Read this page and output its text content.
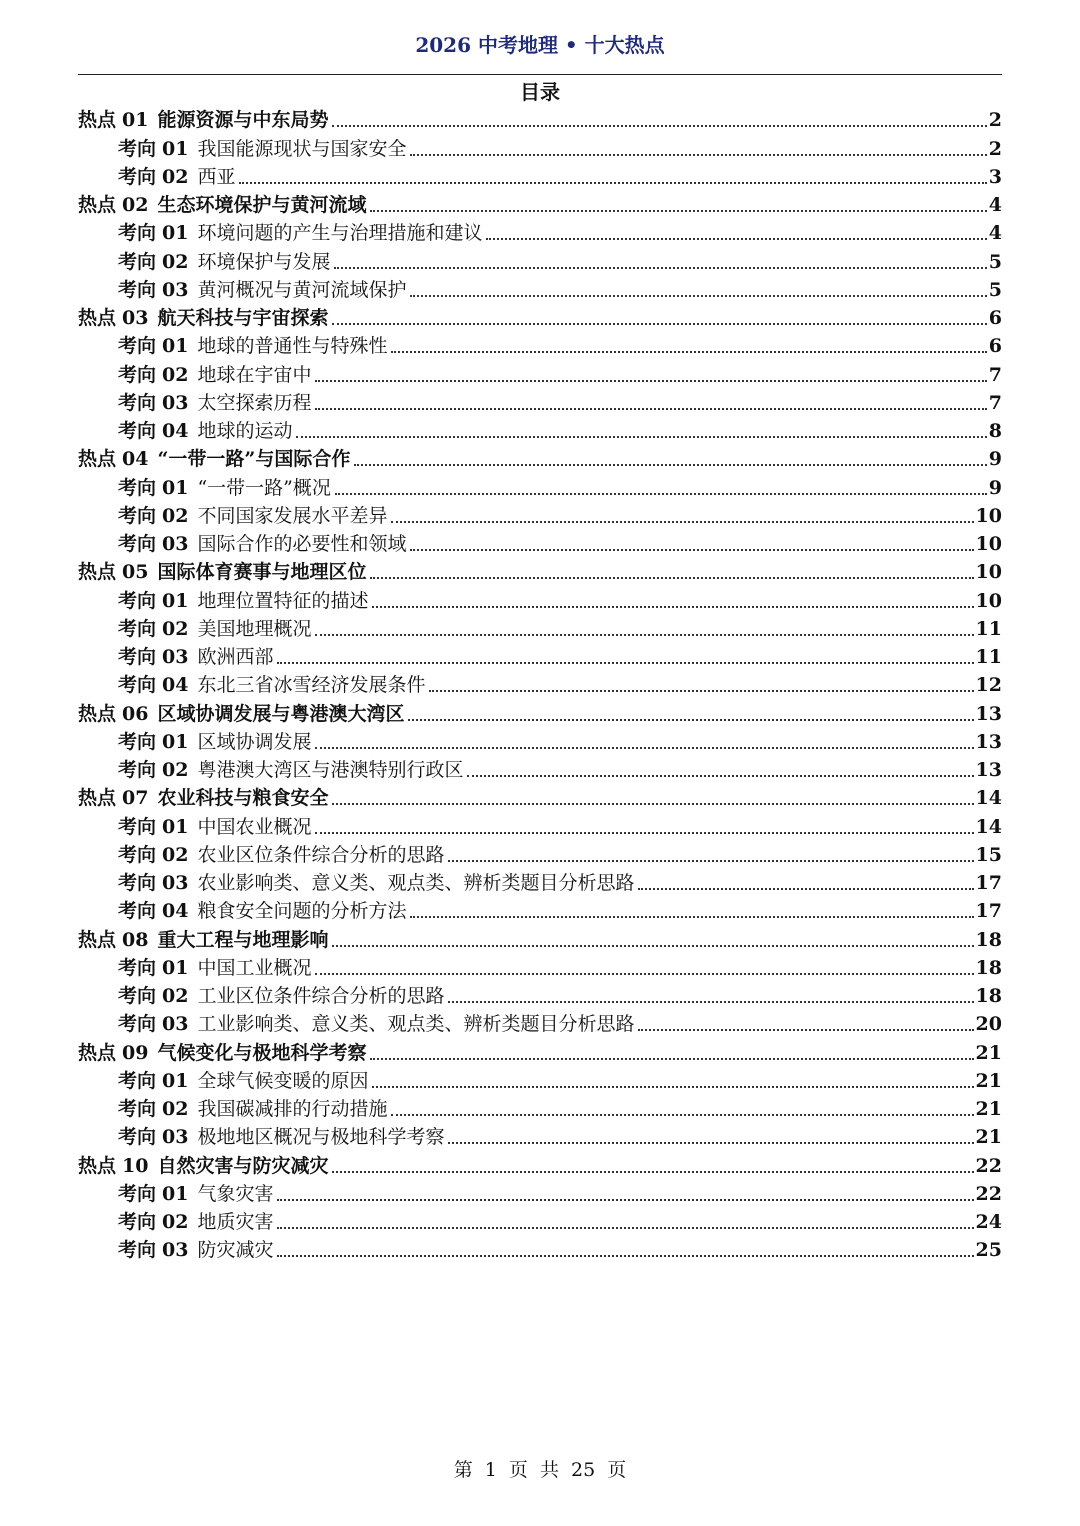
2026 中考地理 • 十大热点
目录
热点 01 能源资源与中东局势	2
考向 01 我国能源现状与国家安全	2
考向 02 西亚	3
热点 02 生态环境保护与黄河流域	4
考向 01 环境问题的产生与治理措施和建议	4
考向 02 环境保护与发展	5
考向 03 黄河概况与黄河流域保护	5
热点 03 航天科技与宇宙探索	6
考向 01 地球的普通性与特殊性	6
考向 02 地球在宇宙中	7
考向 03 太空探索历程	7
考向 04 地球的运动	8
热点 04 “一带一路”与国际合作	9
考向 01 “一带一路”概况	9
考向 02 不同国家发展水平差异	10
考向 03 国际合作的必要性和领域	10
热点 05 国际体育赛事与地理区位	10
考向 01 地理位置特征的描述	10
考向 02 美国地理概况	11
考向 03 欧洲西部	11
考向 04 东北三省冰雪经济发展条件	12
热点 06 区域协调发展与粤港澳大湾区	13
考向 01 区域协调发展	13
考向 02 粤港澳大湾区与港澳特别行政区	13
热点 07 农业科技与粮食安全	14
考向 01 中国农业概况	14
考向 02 农业区位条件综合分析的思路	15
考向 03 农业影响类、意义类、观点类、辨析类题目分析思路	17
考向 04 粮食安全问题的分析方法	17
热点 08 重大工程与地理影响	18
考向 01 中国工业概况	18
考向 02 工业区位条件综合分析的思路	18
考向 03 工业影响类、意义类、观点类、辨析类题目分析思路	20
热点 09 气候变化与极地科学考察	21
考向 01 全球气候变暖的原因	21
考向 02 我国碳减排的行动措施	21
考向 03 极地地区概况与极地科学考察	21
热点 10 自然灾害与防灾减灾	22
考向 01 气象灾害	22
考向 02 地质灾害	24
考向 03 防灾减灾	25
第 1 页 共 25 页
